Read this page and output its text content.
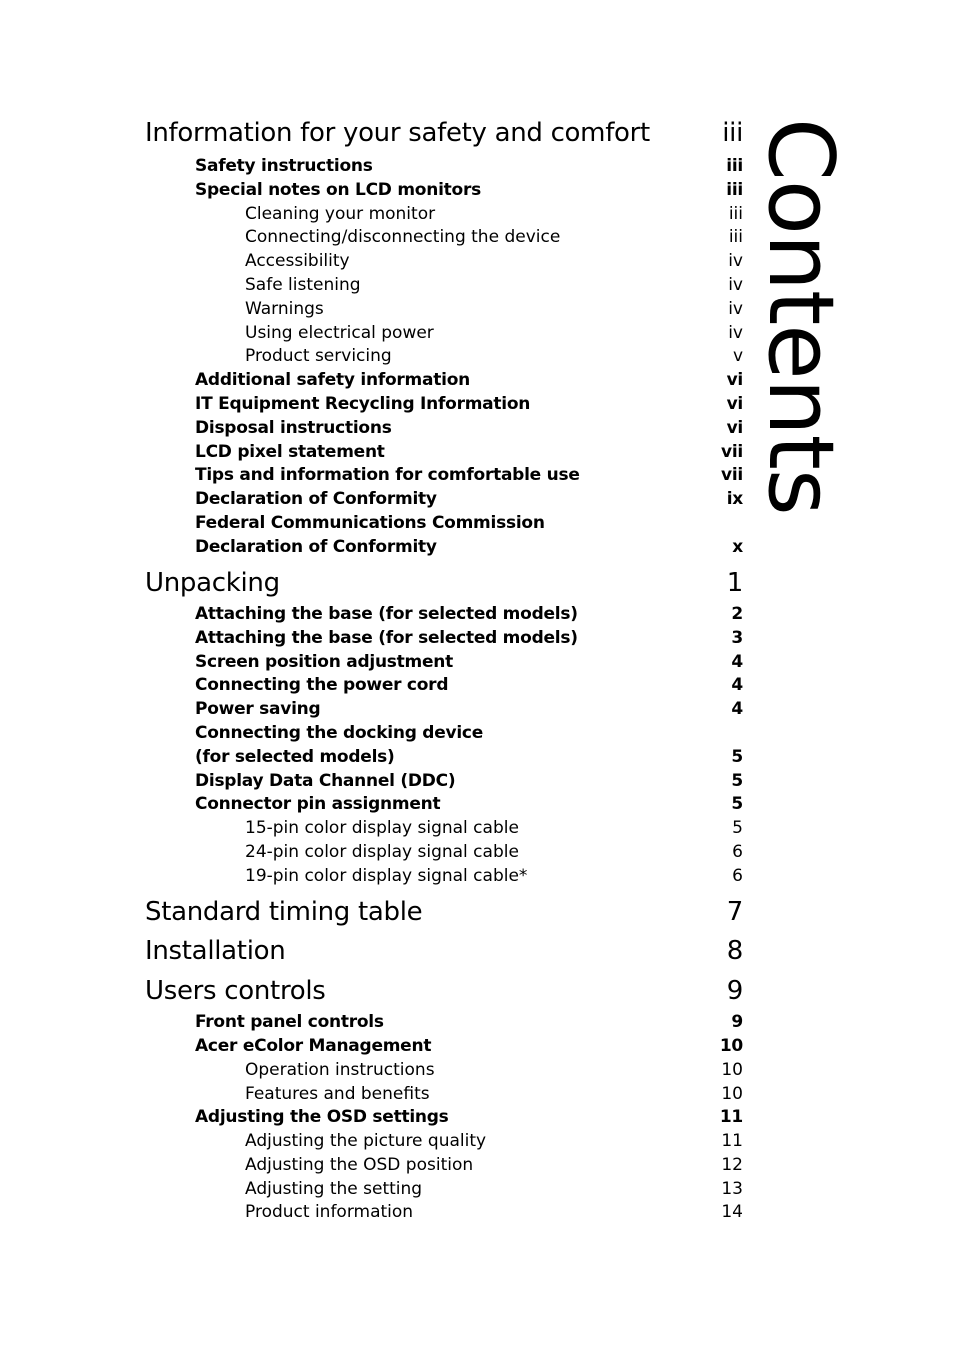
Contents
Information for your safety and comfort	iii
Safety instructions	iii
Special notes on LCD monitors	iii
Cleaning your monitor	iii
Connecting/disconnecting the device	iii
Accessibility	iv
Safe listening	iv
Warnings	iv
Using electrical power	iv
Product servicing	v
Additional safety information	vi
IT Equipment Recycling Information	vi
Disposal instructions	vi
LCD pixel statement	vii
Tips and information for comfortable use	vii
Declaration of Conformity	ix
Federal Communications Commission
Declaration of Conformity	x
Unpacking	1
Attaching the base (for selected models)	2
Attaching the base (for selected models)	3
Screen position adjustment	4
Connecting the power cord	4
Power saving	4
Connecting the docking device
(for selected models)	5
Display Data Channel (DDC)	5
Connector pin assignment	5
15-pin color display signal cable	5
24-pin color display signal cable	6
19-pin color display signal cable*	6
Standard timing table	7
Installation	8
Users controls	9
Front panel controls	9
Acer eColor Management	10
Operation instructions	10
Features and benefits	10
Adjusting the OSD settings	11
Adjusting the picture quality	11
Adjusting the OSD position	12
Adjusting the setting	13
Product information	14
